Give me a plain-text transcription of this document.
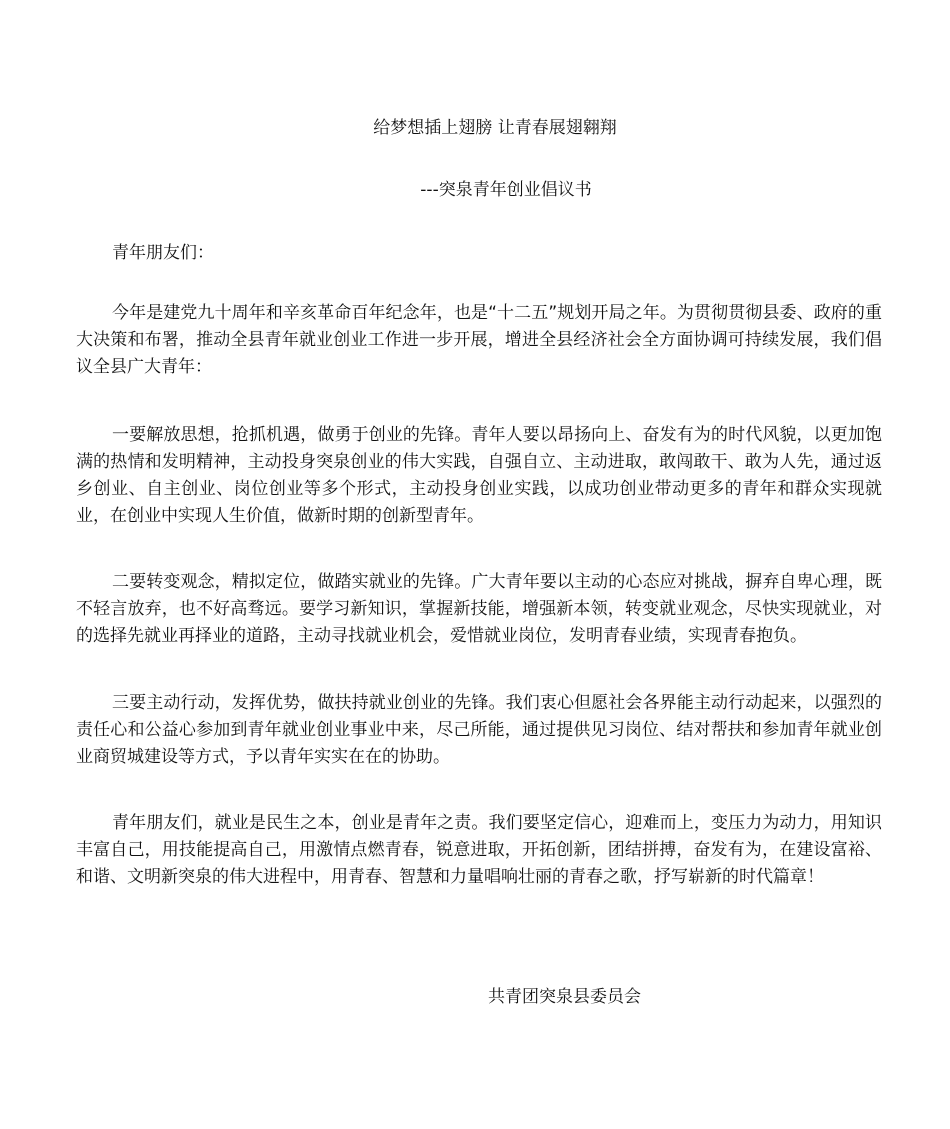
给梦想插上翅膀 让青春展翅翱翔

---突泉青年创业倡议书

青年朋友们：

今年是建党九十周年和辛亥革命百年纪念年，也是“十二五”规划开局之年。为贯彻贯彻县委、政府的重大决策和布署，推动全县青年就业创业工作进一步开展，增进全县经济社会全方面协调可持续发展，我们倡议全县广大青年：

一要解放思想，抢抓机遇，做勇于创业的先锋。青年人要以昂扬向上、奋发有为的时代风貌，以更加饱满的热情和发明精神，主动投身突泉创业的伟大实践，自强自立、主动进取，敢闯敢干、敢为人先，通过返乡创业、自主创业、岗位创业等多个形式，主动投身创业实践，以成功创业带动更多的青年和群众实现就业，在创业中实现人生价值，做新时期的创新型青年。

二要转变观念，精拟定位，做踏实就业的先锋。广大青年要以主动的心态应对挑战，摒弃自卑心理，既不轻言放弃，也不好高骛远。要学习新知识，掌握新技能，增强新本领，转变就业观念，尽快实现就业，对的选择先就业再择业的道路，主动寻找就业机会，爱惜就业岗位，发明青春业绩，实现青春抱负。

三要主动行动，发挥优势，做扶持就业创业的先锋。我们衷心但愿社会各界能主动行动起来，以强烈的责任心和公益心参加到青年就业创业事业中来，尽己所能，通过提供见习岗位、结对帮扶和参加青年就业创业商贸城建设等方式，予以青年实实在在的协助。

青年朋友们，就业是民生之本，创业是青年之责。我们要坚定信心，迎难而上，变压力为动力，用知识丰富自己，用技能提高自己，用激情点燃青春，锐意进取，开拓创新，团结拼搏，奋发有为，在建设富裕、和谐、文明新突泉的伟大进程中，用青春、智慧和力量唱响壮丽的青春之歌，抒写崭新的时代篇章！

共青团突泉县委员会
